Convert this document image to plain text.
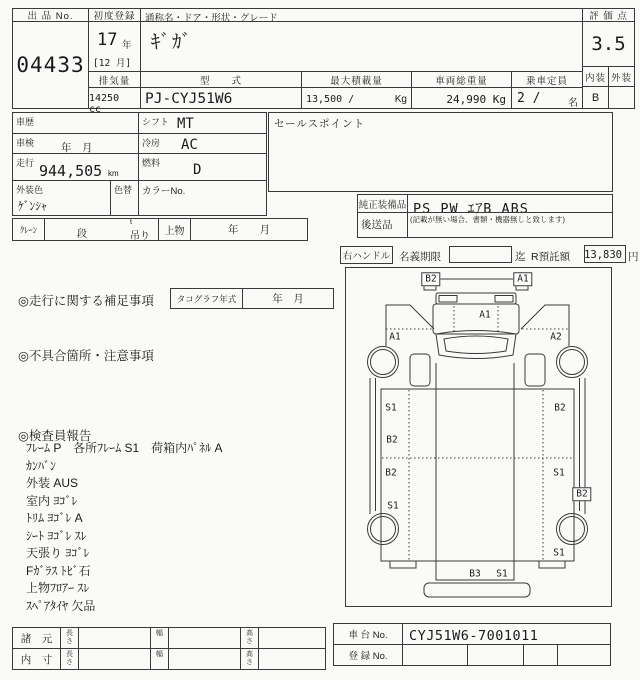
出 品 No.
04433
初度登録
17 年
[12 月]
通称名・ドア・形状・グレード
ｷﾞｶﾞ
評 価 点
3.5
内装 外装
B
排気量	型　　式	最大積載量	車両総重量	乗車定員
14250 cc
PJ-CYJ51W6	13,500 /	Kg	24,990 Kg 2 /	名
車歴	シフト MT
車検	年　月	冷房 AC
走行 944,505 km
燃料 D
外装色
ｹﾞﾝｼｬ
色替 カラーNo.
ｸﾚｰﾝ	段
t
吊り 上物	年　　月
セールスポイント
純正装備品 PS PW ｴｱB ABS
後送品 (記載が無い場合、書類・機器無しと致します)
右ハンドル 名義期限	迄 R預託額 13,830 円
◎走行に関する補足事項	タコグラフ年式	年　月
◎不具合箇所・注意事項
◎検査員報告
ﾌﾚｰﾑ P　各所ﾌﾚｰﾑ S1　荷箱内ﾊﾟﾈﾙ A
ｶﾝﾊﾞﾝ
外装 AUS
室内 ﾖｺﾞﾚ
ﾄﾘﾑ ﾖｺﾞﾚ A
ｼｰﾄ ﾖｺﾞﾚ ｽﾚ
天張り ﾖｺﾞﾚ
Fｶﾞﾗｽ ﾄﾋﾞ石
上物ﾌﾛｱｰ ｽﾚ
ｽﾍﾟｱﾀｲﾔ 欠品
B2	A1
A1
A1	A2
S1	B2
B2
B2	S1
S1
B2
S1
B3 S1
諸　元 長さ
幅	高さ
内　寸 長さ
幅	高さ
車 台 No. CYJ51W6-7001011
登 録 No.
